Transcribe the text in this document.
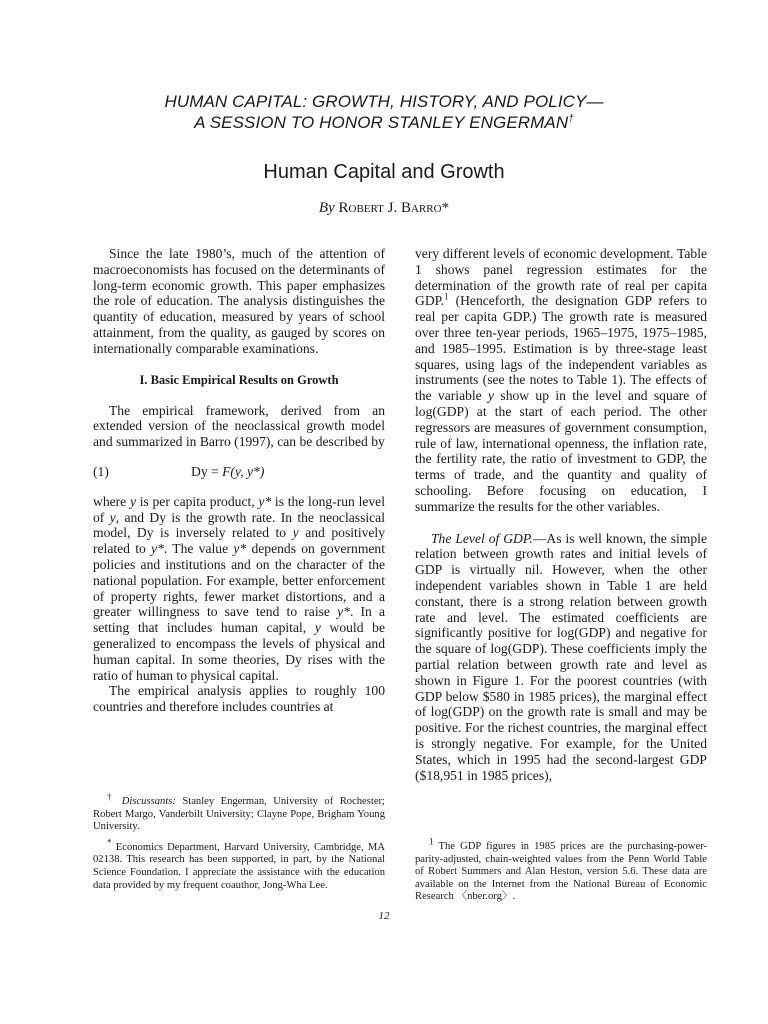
HUMAN CAPITAL: GROWTH, HISTORY, AND POLICY—
A SESSION TO HONOR STANLEY ENGERMAN†
Human Capital and Growth
By Robert J. Barro*

Since the late 1980’s, much of the attention of macroeconomists has focused on the determinants of long-term economic growth. This paper emphasizes the role of education. The analysis distinguishes the quantity of education, measured by years of school attainment, from the quality, as gauged by scores on internationally comparable examinations.

I. Basic Empirical Results on Growth

The empirical framework, derived from an extended version of the neoclassical growth model and summarized in Barro (1997), can be described by

(1)	Dy = F(y, y*)

where y is per capita product, y* is the long-run level of y, and Dy is the growth rate. In the neoclassical model, Dy is inversely related to y and positively related to y*. The value y* depends on government policies and institutions and on the character of the national population. For example, better enforcement of property rights, fewer market distortions, and a greater willingness to save tend to raise y*. In a setting that includes human capital, y would be generalized to encompass the levels of physical and human capital. In some theories, Dy rises with the ratio of human to physical capital.

The empirical analysis applies to roughly 100 countries and therefore includes countries at

very different levels of economic development. Table 1 shows panel regression estimates for the determination of the growth rate of real per capita GDP.$^1$ (Henceforth, the designation GDP refers to real per capita GDP.) The growth rate is measured over three ten-year periods, 1965–1975, 1975–1985, and 1985–1995. Estimation is by three-stage least squares, using lags of the independent variables as instruments (see the notes to Table 1). The effects of the variable y show up in the level and square of log(GDP) at the start of each period. The other regressors are measures of government consumption, rule of law, international openness, the inflation rate, the fertility rate, the ratio of investment to GDP, the terms of trade, and the quantity and quality of schooling. Before focusing on education, I summarize the results for the other variables.

The Level of GDP.—As is well known, the simple relation between growth rates and initial levels of GDP is virtually nil. However, when the other independent variables shown in Table 1 are held constant, there is a strong relation between growth rate and level. The estimated coefficients are significantly positive for log(GDP) and negative for the square of log(GDP). These coefficients imply the partial relation between growth rate and level as shown in Figure 1. For the poorest countries (with GDP below $580 in 1985 prices), the marginal effect of log(GDP) on the growth rate is small and may be positive. For the richest countries, the marginal effect is strongly negative. For example, for the United States, which in 1995 had the second-largest GDP ($18,951 in 1985 prices),

† Discussants: Stanley Engerman, University of Rochester; Robert Margo, Vanderbilt University; Clayne Pope, Brigham Young University.

* Economics Department, Harvard University, Cambridge, MA 02138. This research has been supported, in part, by the National Science Foundation. I appreciate the assistance with the education data provided by my frequent coauthor, Jong-Wha Lee.

$^1$ The GDP figures in 1985 prices are the purchasing-power-parity-adjusted, chain-weighted values from the Penn World Table of Robert Summers and Alan Heston, version 5.6. These data are available on the Internet from the National Bureau of Economic Research 〈nber.org〉.

12
